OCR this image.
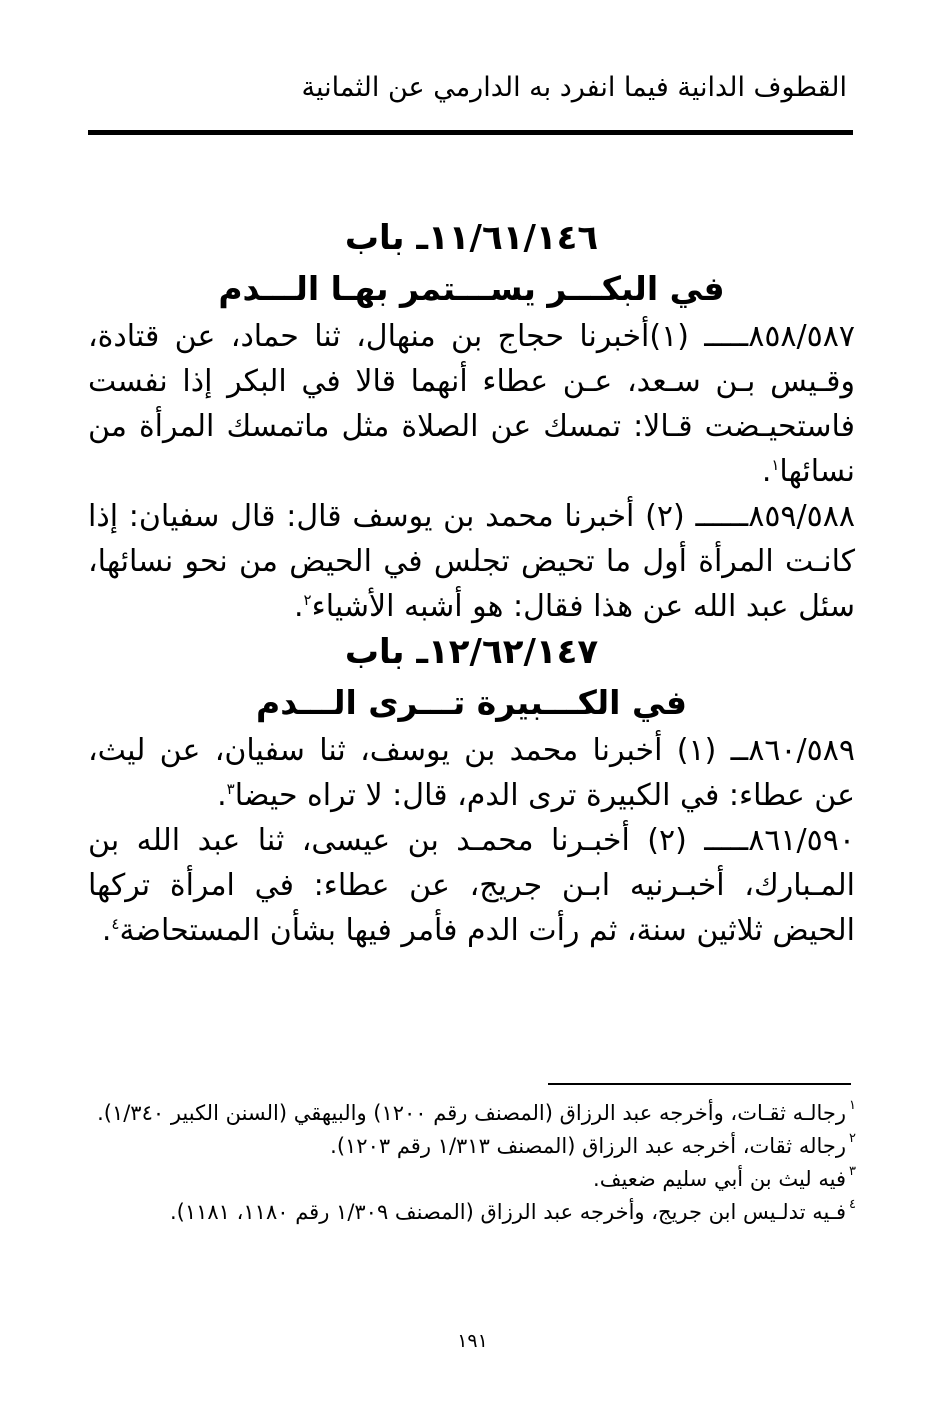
القطوف الدانية فيما انفرد به الدارمي عن الثمانية
١١/٦١/١٤٦ـ باب
في البكـــر يســـتمر بهـا الـــدم
٨٥٨/٥٨٧ـــــ (١)أخبرنا حجاج بن منهال، ثنا حماد، عن قتادة، وقـيس بـن سـعد، عـن عطاء أنهما قالا في البكر إذا نفست فاستحيـضت قـالا: تمسك عن الصلاة مثل ماتمسك المرأة من نسائها$^١$.
٨٥٩/٥٨٨ــــــ (٢) أخبرنا محمد بن يوسف قال: قال سفيان: إذا كانـت المرأة أول ما تحيض تجلس في الحيض من نحو نسائها، سئل عبد الله عن هذا فقال: هو أشبه الأشياء$^٢$.
١٢/٦٢/١٤٧ـ باب
في الكـــبيرة تـــرى الـــدم
٨٦٠/٥٨٩ــ (١) أخبرنا محمد بن يوسف، ثنا سفيان، عن ليث، عن عطاء: في الكبيرة ترى الدم، قال: لا تراه حيضا$^٣$.
٨٦١/٥٩٠ـــــ (٢) أخبـرنا محمـد بن عيسى، ثنا عبد الله بن المـبارك، أخبـرنيه ابـن جريج، عن عطاء: في امرأة تركها الحيض ثلاثين سنة، ثم رأت الدم فأمر فيها بشأن المستحاضة$^٤$.
١
رجالـه ثقـات، وأخرجه عبد الرزاق (المصنف رقم ١٢٠٠) والبيهقي (السنن الكبير ١/٣٤٠).
٢
رجاله ثقات، أخرجه عبد الرزاق (المصنف ١/٣١٣ رقم ١٢٠٣).
٣
فيه ليث بن أبي سليم ضعيف.
٤
فـيه تدلـيس ابن جريج، وأخرجه عبد الرزاق (المصنف ١/٣٠٩ رقم ١١٨٠، ١١٨١).
١٩١
